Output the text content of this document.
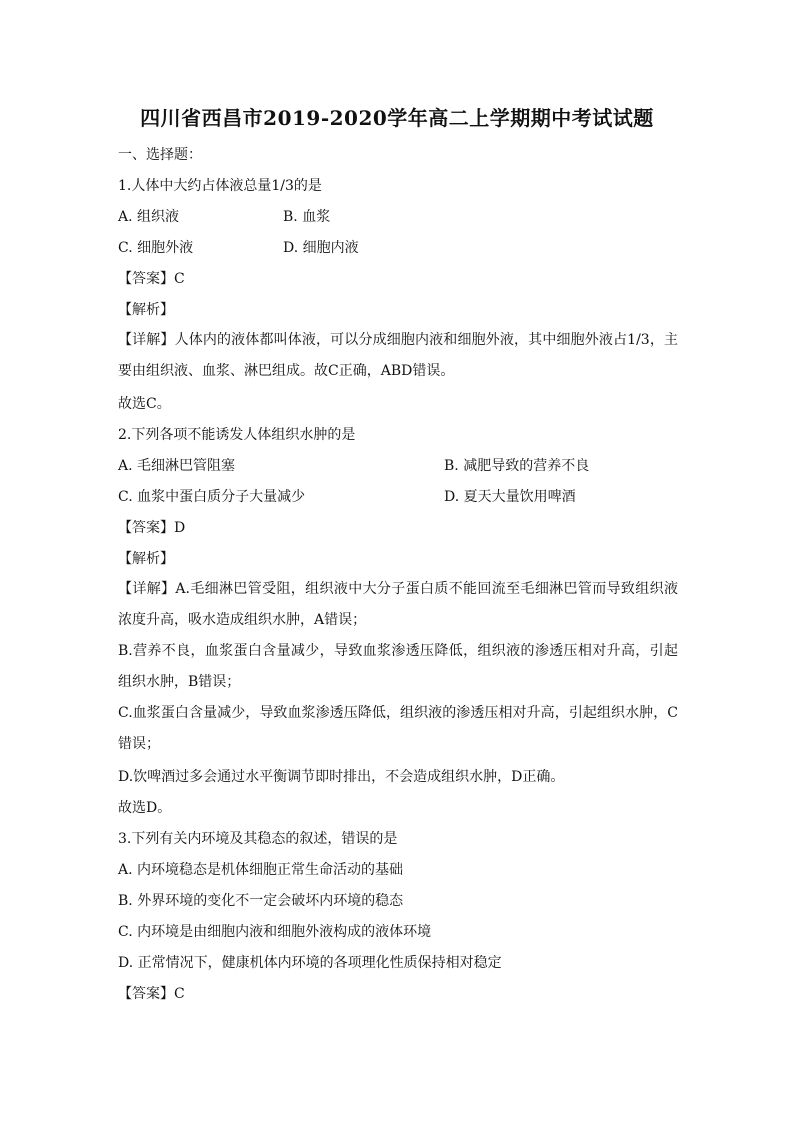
四川省西昌市2019-2020学年高二上学期期中考试试题
一、选择题：
1.人体中大约占体液总量1/3的是
A. 组织液	B. 血浆
C. 细胞外液	D. 细胞内液
【答案】C
【解析】
【详解】人体内的液体都叫体液，可以分成细胞内液和细胞外液，其中细胞外液占1/3，主要由组织液、血浆、淋巴组成。故C正确，ABD错误。
故选C。
2.下列各项不能诱发人体组织水肿的是
A. 毛细淋巴管阻塞	B. 减肥导致的营养不良
C. 血浆中蛋白质分子大量减少	D. 夏天大量饮用啤酒
【答案】D
【解析】
【详解】A.毛细淋巴管受阻，组织液中大分子蛋白质不能回流至毛细淋巴管而导致组织液浓度升高，吸水造成组织水肿，A错误；
B.营养不良，血浆蛋白含量减少，导致血浆渗透压降低，组织液的渗透压相对升高，引起组织水肿，B错误；
C.血浆蛋白含量减少，导致血浆渗透压降低，组织液的渗透压相对升高，引起组织水肿，C错误；
D.饮啤酒过多会通过水平衡调节即时排出，不会造成组织水肿，D正确。
故选D。
3.下列有关内环境及其稳态的叙述，错误的是
A. 内环境稳态是机体细胞正常生命活动的基础
B. 外界环境的变化不一定会破坏内环境的稳态
C. 内环境是由细胞内液和细胞外液构成的液体环境
D. 正常情况下，健康机体内环境的各项理化性质保持相对稳定
【答案】C
